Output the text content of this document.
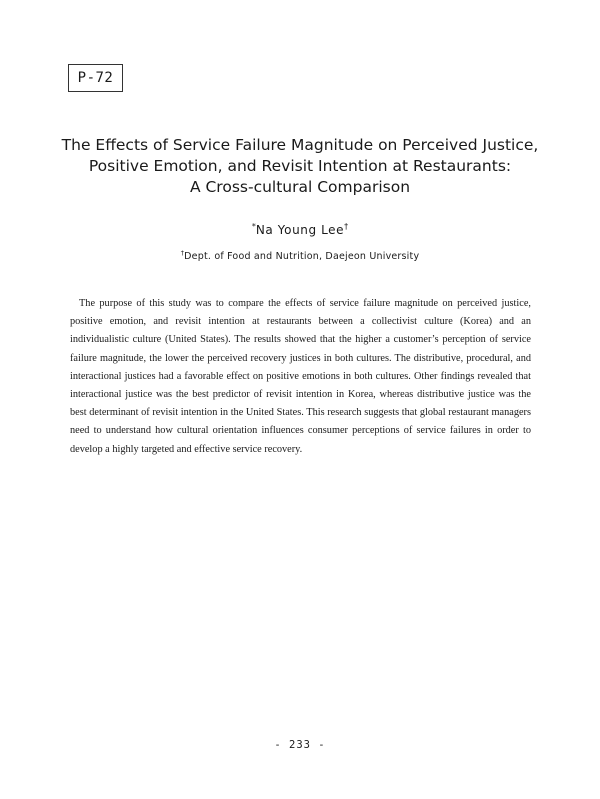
P-72
The Effects of Service Failure Magnitude on Perceived Justice,
Positive Emotion, and Revisit Intention at Restaurants:
A Cross-cultural Comparison
*Na Young Lee†
†Dept. of Food and Nutrition, Daejeon University

The purpose of this study was to compare the effects of service failure magnitude on perceived justice, positive emotion, and revisit intention at restaurants between a collectivist culture (Korea) and an individualistic culture (United States). The results showed that the higher a customer’s perception of service failure magnitude, the lower the perceived recovery justices in both cultures. The distributive, procedural, and interactional justices had a favorable effect on positive emotions in both cultures. Other findings revealed that interactional justice was the best predictor of revisit intention in Korea, whereas distributive justice was the best determinant of revisit intention in the United States. This research suggests that global restaurant managers need to understand how cultural orientation influences consumer perceptions of service failures in order to develop a highly targeted and effective service recovery.

- 233 -
